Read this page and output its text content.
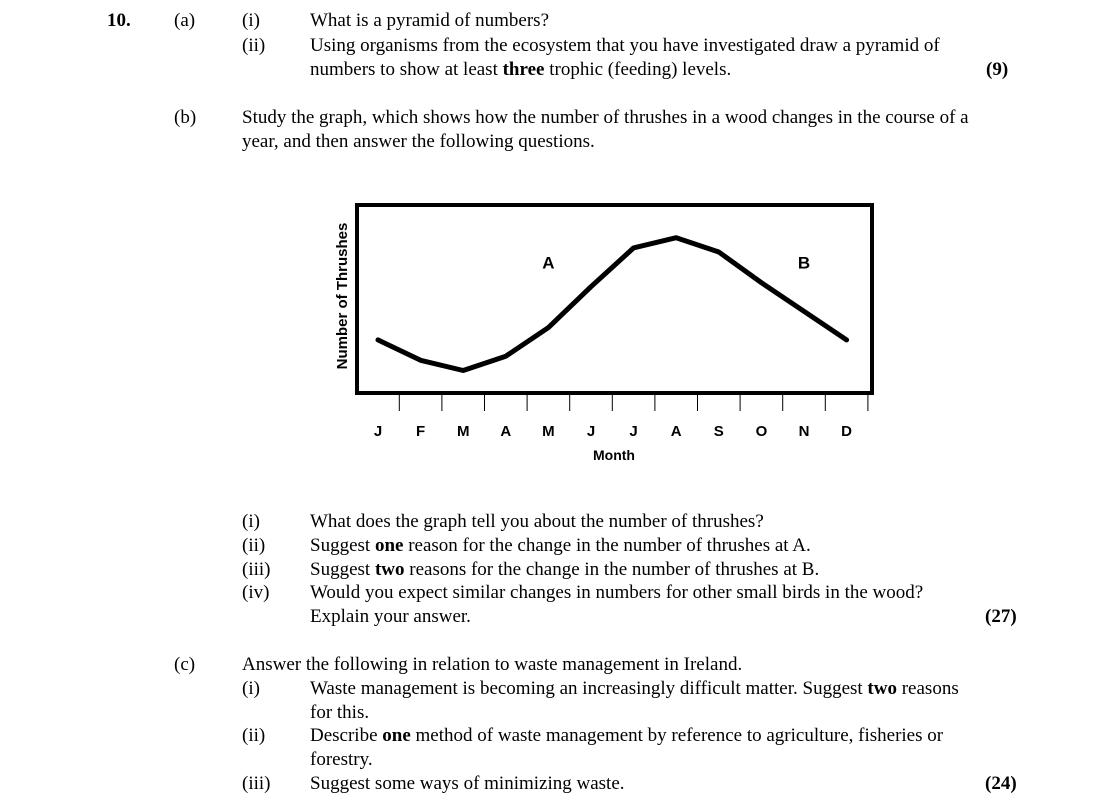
10. (a) (i)	What is a pyramid of numbers?
(ii) Using organisms from the ecosystem that you have investigated draw a pyramid of
numbers to show at least three trophic (feeding) levels.	(9)
(b) Study the graph, which shows how the number of thrushes in a wood changes in the course of a
year, and then answer the following questions.
Number of Thrushes
J F M A M J J A S O N D
A	B
Month
(i)	What does the graph tell you about the number of thrushes?
(ii) Suggest one reason for the change in the number of thrushes at A.
(iii) Suggest two reasons for the change in the number of thrushes at B.
(iv) Would you expect similar changes in numbers for other small birds in the wood?
Explain your answer.	(27)
(c) Answer the following in relation to waste management in Ireland.
(i)	Waste management is becoming an increasingly difficult matter. Suggest two reasons
for this.
(ii) Describe one method of waste management by reference to agriculture, fisheries or
forestry.
(iii) Suggest some ways of minimizing waste.	(24)
